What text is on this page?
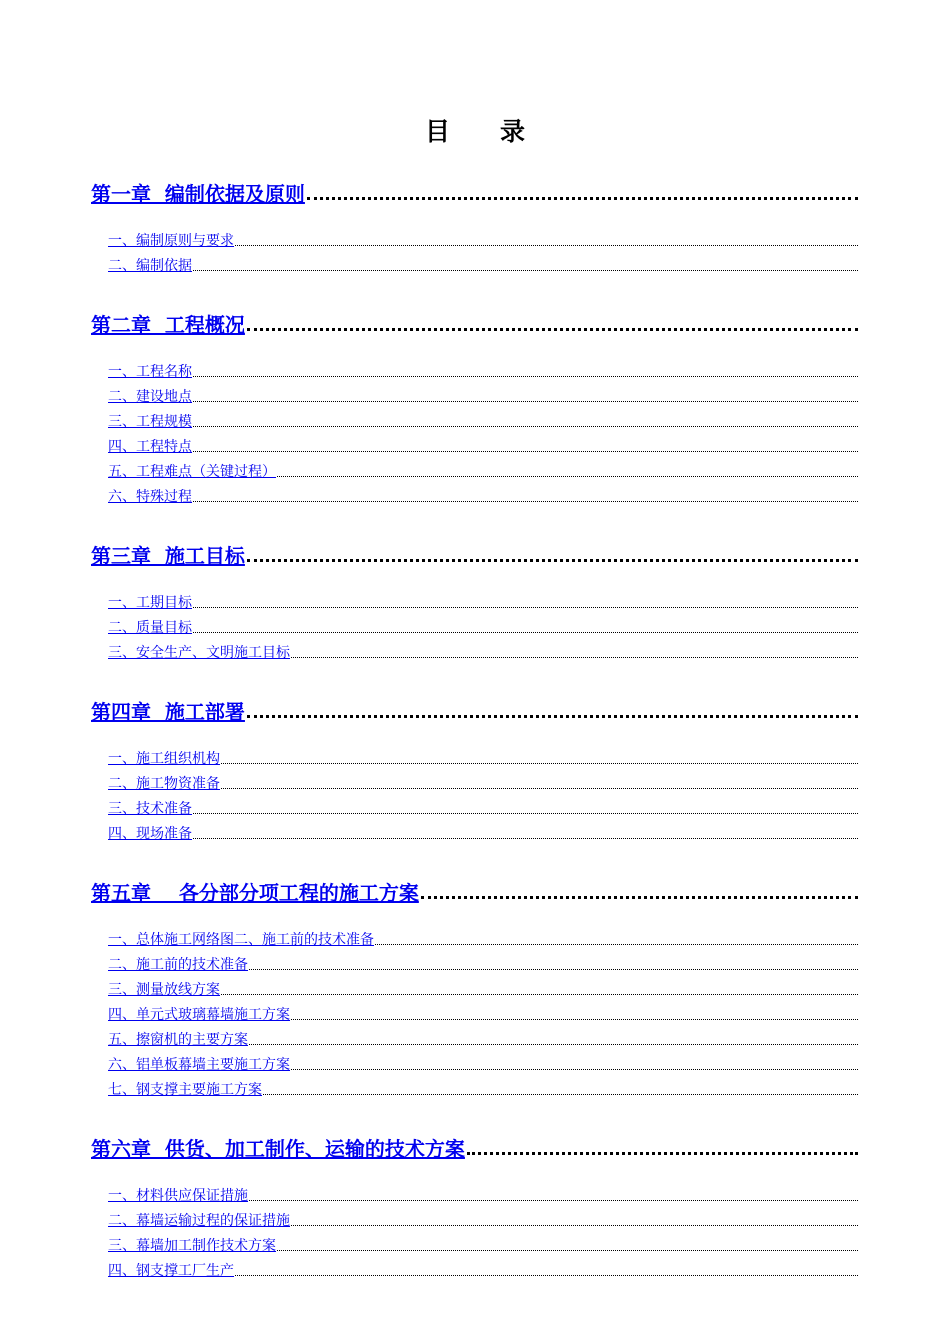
目　　录
第一章  编制依据及原则
一、编制原则与要求
二、编制依据
第二章  工程概况
一、工程名称
二、建设地点
三、工程规模
四、工程特点
五、工程难点（关键过程）
六、特殊过程
第三章  施工目标
一、工期目标
二、质量目标
三、安全生产、文明施工目标
第四章  施工部署
一、施工组织机构
二、施工物资准备
三、技术准备
四、现场准备
第五章    各分部分项工程的施工方案
一、总体施工网络图二、施工前的技术准备
二、施工前的技术准备
三、测量放线方案
四、单元式玻璃幕墙施工方案
五、擦窗机的主要方案
六、铝单板幕墙主要施工方案
七、钢支撑主要施工方案
第六章  供货、加工制作、运输的技术方案
一、材料供应保证措施
二、幕墙运输过程的保证措施
三、幕墙加工制作技术方案
四、钢支撑工厂生产
